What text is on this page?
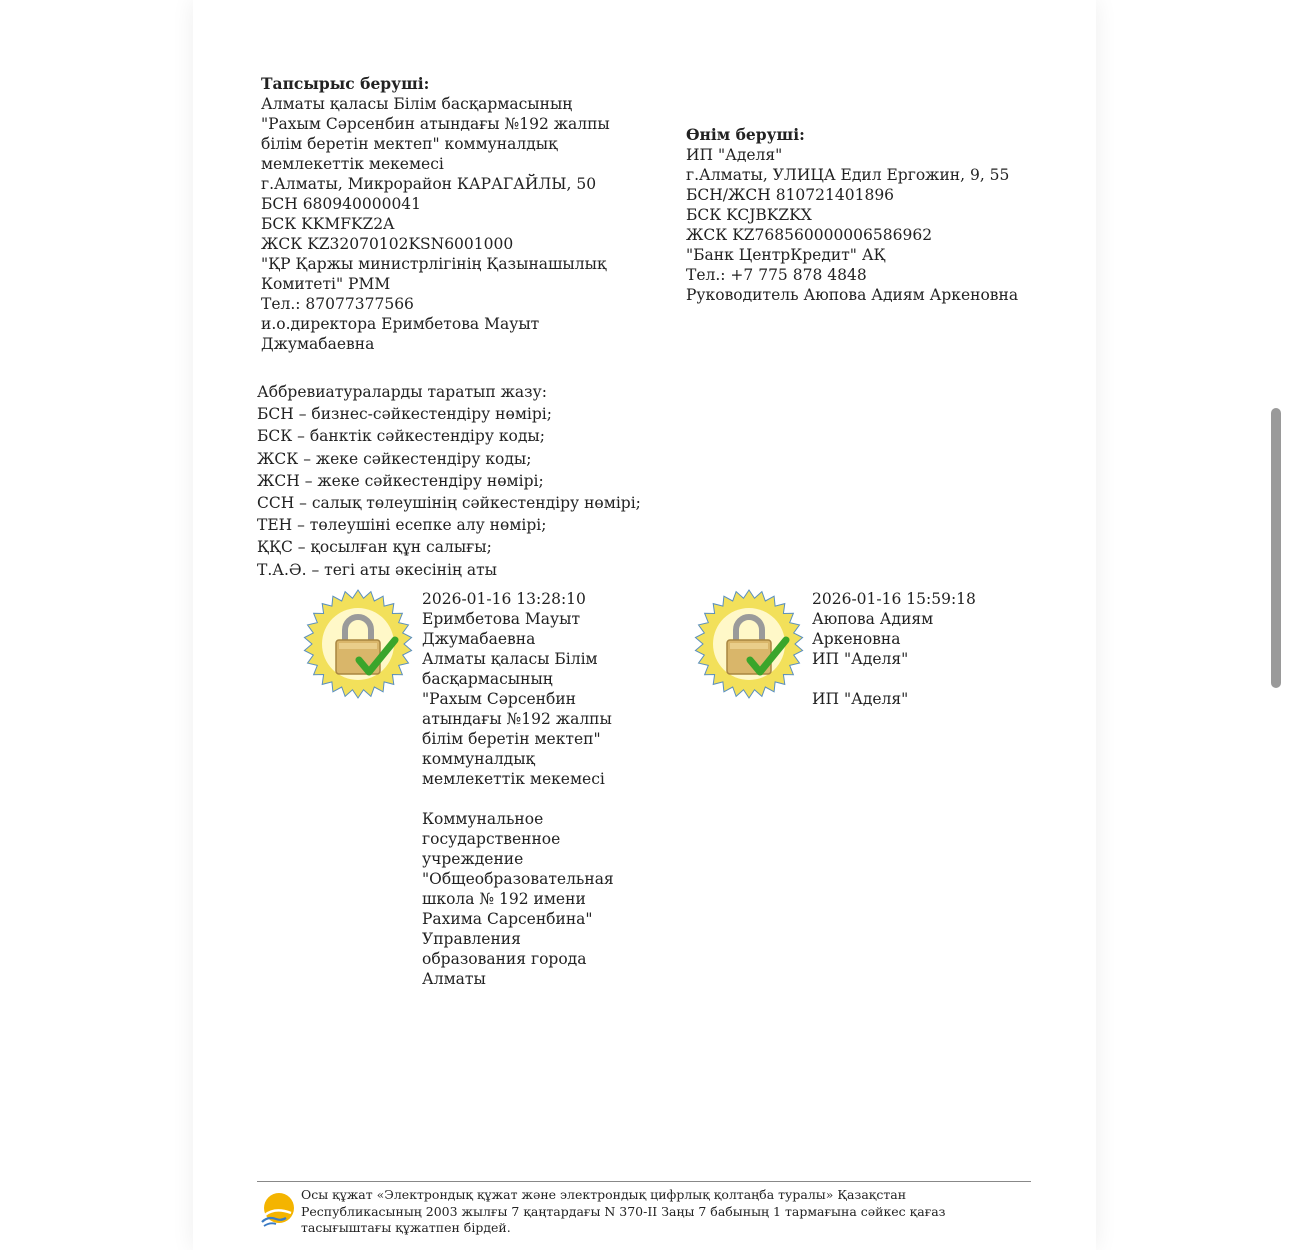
Тапсырыс беруші:
Алматы қаласы Білім басқармасының
"Рахым Сәрсенбин атындағы №192 жалпы
білім беретін мектеп" коммуналдық
мемлекеттік мекемесі
г.Алматы, Микрорайон КАРАГАЙЛЫ, 50
БСН 680940000041
БСК KKMFKZ2A
ЖСК KZ32070102KSN6001000
"ҚР Қаржы министрлігінің Қазынашылық
Комитеті" РММ
Тел.: 87077377566
и.о.директора Еримбетова Мауыт
Джумабаевна
Өнім беруші:
ИП "Аделя"
г.Алматы, УЛИЦА Едил Ергожин, 9, 55
БСН/ЖСН 810721401896
БСК KCJBKZKX
ЖСК KZ768560000006586962
"Банк ЦентрКредит" АҚ
Тел.: +7 775 878 4848
Руководитель Аюпова Адиям Аркеновна
Аббревиатураларды таратып жазу:
БСН – бизнес-сәйкестендіру нөмірі;
БСК – банктік сәйкестендіру коды;
ЖСК – жеке сәйкестендіру коды;
ЖСН – жеке сәйкестендіру нөмірі;
ССН – салық төлеушінің сәйкестендіру нөмірі;
ТЕН – төлеушіні есепке алу нөмірі;
ҚҚС – қосылған құн салығы;
Т.А.Ә. – тегі аты әкесінің аты
2026-01-16 13:28:10
Еримбетова Мауыт
Джумабаевна
Алматы қаласы Білім
басқармасының
"Рахым Сәрсенбин
атындағы №192 жалпы
білім беретін мектеп"
коммуналдық
мемлекеттік мекемесі
Коммунальное
государственное
учреждение
"Общеобразовательная
школа № 192 имени
Рахима Сарсенбина"
Управления
образования города
Алматы
2026-01-16 15:59:18
Аюпова Адиям
Аркеновна
ИП "Аделя"
ИП "Аделя"
Осы құжат «Электрондық құжат және электрондық цифрлық қолтаңба туралы» Қазақстан
Республикасының 2003 жылғы 7 қаңтардағы N 370-II Заңы 7 бабының 1 тармағына сәйкес қағаз
тасығыштағы құжатпен бірдей.
